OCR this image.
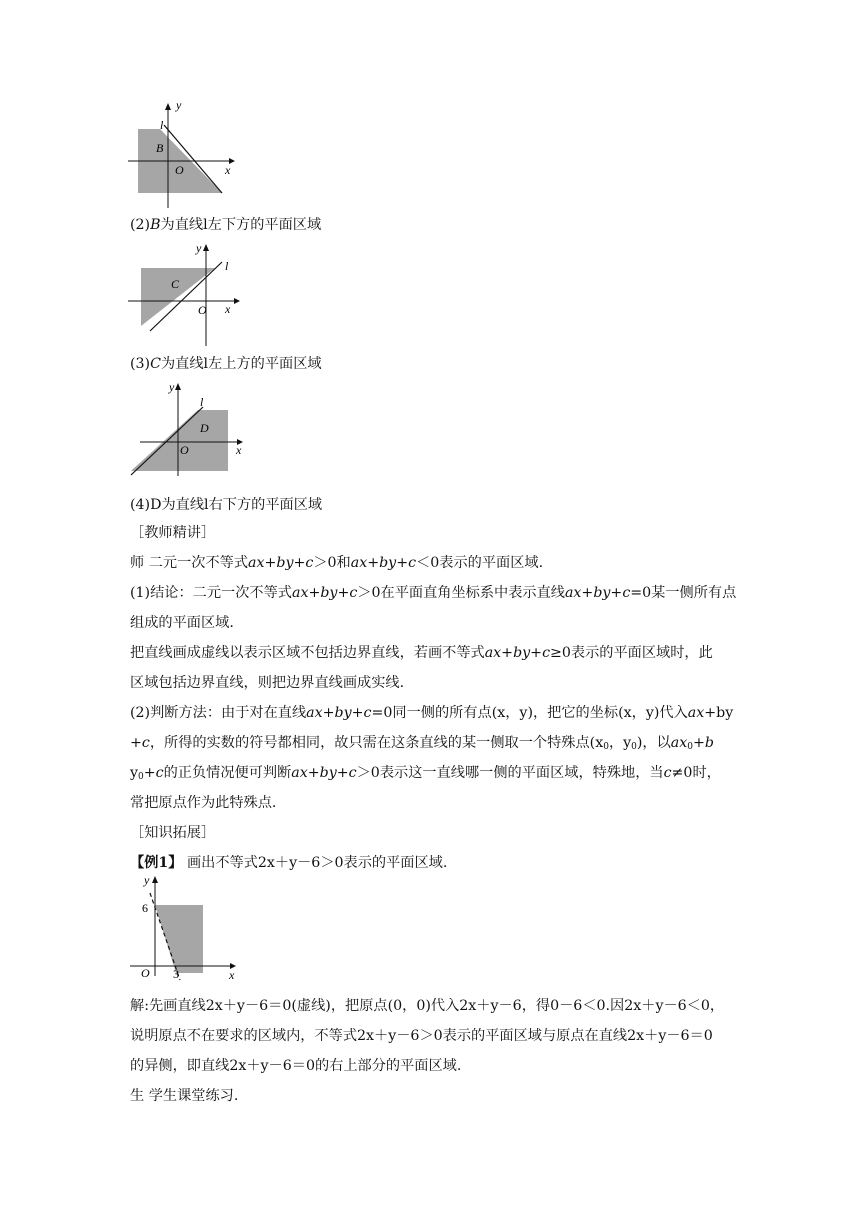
y
x
l
B
O
(2)B为直线l左下方的平面区域
y
x
l
C
O
(3)C为直线l左上方的平面区域
y
x
l
D
O
(4)D为直线l右下方的平面区域
［教师精讲］
师 二元一次不等式ax+by+c＞0和ax+by+c＜0表示的平面区域.
(1)结论：二元一次不等式ax+by+c＞0在平面直角坐标系中表示直线ax+by+c=0某一侧所有点
组成的平面区域.
把直线画成虚线以表示区域不包括边界直线，若画不等式ax+by+c≥0表示的平面区域时，此
区域包括边界直线，则把边界直线画成实线.
(2)判断方法：由于对在直线ax+by+c=0同一侧的所有点(x，y)，把它的坐标(x，y)代入ax+by
+c，所得的实数的符号都相同，故只需在这条直线的某一侧取一个特殊点($x_0$，$y_0$)，以$ax_0+b$
$y_0+c$的正负情况便可判断ax+by+c＞0表示这一直线哪一侧的平面区域，特殊地，当c≠0时，
常把原点作为此特殊点.
［知识拓展］
【例1】 画出不等式2x＋y－6＞0表示的平面区域.
y
x
O
6
3
解:先画直线2x＋y－6＝0(虚线)，把原点(0，0)代入2x＋y－6，得0－6＜0.因2x＋y－6＜0，
说明原点不在要求的区域内，不等式2x＋y－6＞0表示的平面区域与原点在直线2x＋y－6＝0
的异侧，即直线2x＋y－6＝0的右上部分的平面区域.
生 学生课堂练习.
